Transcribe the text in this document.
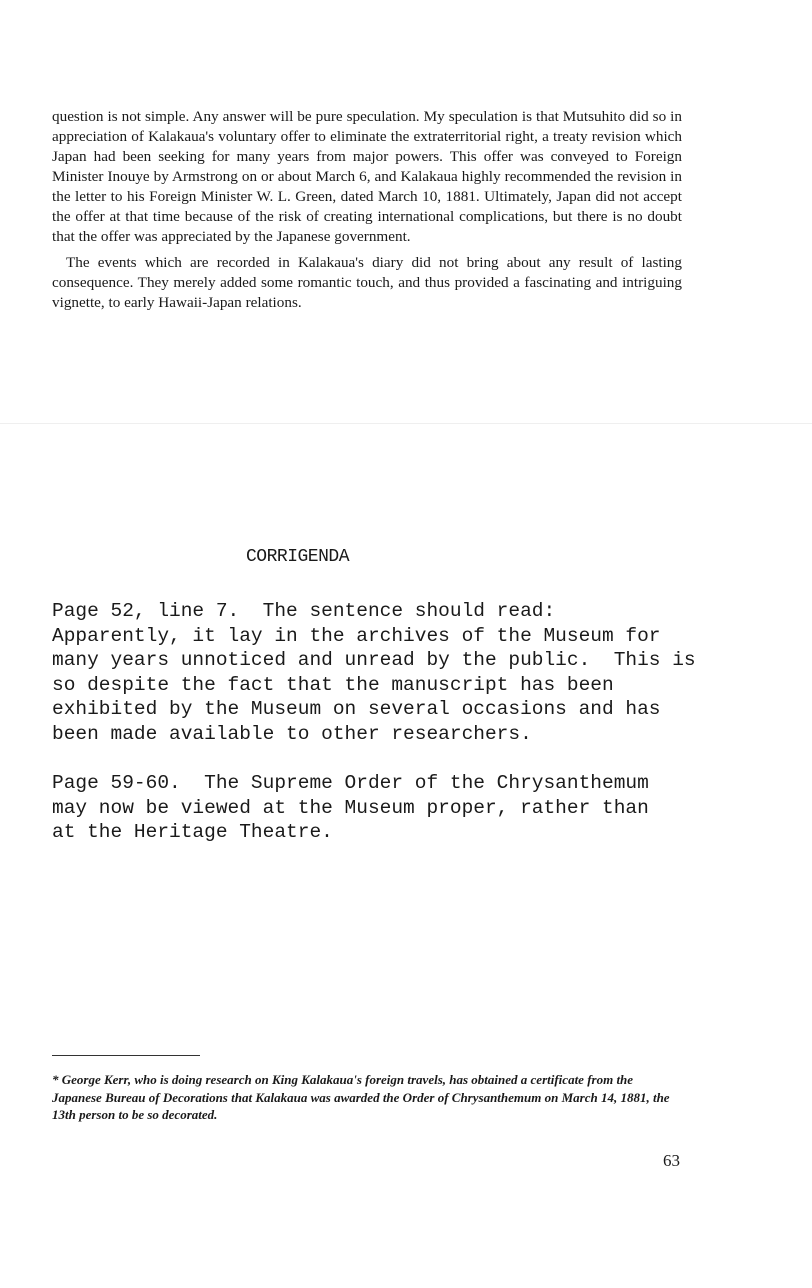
question is not simple. Any answer will be pure speculation. My speculation is that Mutsuhito did so in appreciation of Kalakaua's voluntary offer to eliminate the extraterritorial right, a treaty revision which Japan had been seeking for many years from major powers. This offer was conveyed to Foreign Minister Inouye by Armstrong on or about March 6, and Kalakaua highly recommended the revision in the letter to his Foreign Minister W. L. Green, dated March 10, 1881. Ultimately, Japan did not accept the offer at that time because of the risk of creating international complications, but there is no doubt that the offer was appreciated by the Japanese government.

The events which are recorded in Kalakaua's diary did not bring about any result of lasting consequence. They merely added some romantic touch, and thus provided a fascinating and intriguing vignette, to early Hawaii-Japan relations.

CORRIGENDA
Page 52, line 7.  The sentence should read:
Apparently, it lay in the archives of the Museum for
many years unnoticed and unread by the public.  This is
so despite the fact that the manuscript has been
exhibited by the Museum on several occasions and has
been made available to other researchers.
Page 59-60.  The Supreme Order of the Chrysanthemum
may now be viewed at the Museum proper, rather than
at the Heritage Theatre.
* George Kerr, who is doing research on King Kalakaua's foreign travels, has obtained a certificate from the Japanese Bureau of Decorations that Kalakaua was awarded the Order of Chrysanthemum on March 14, 1881, the 13th person to be so decorated.
63
